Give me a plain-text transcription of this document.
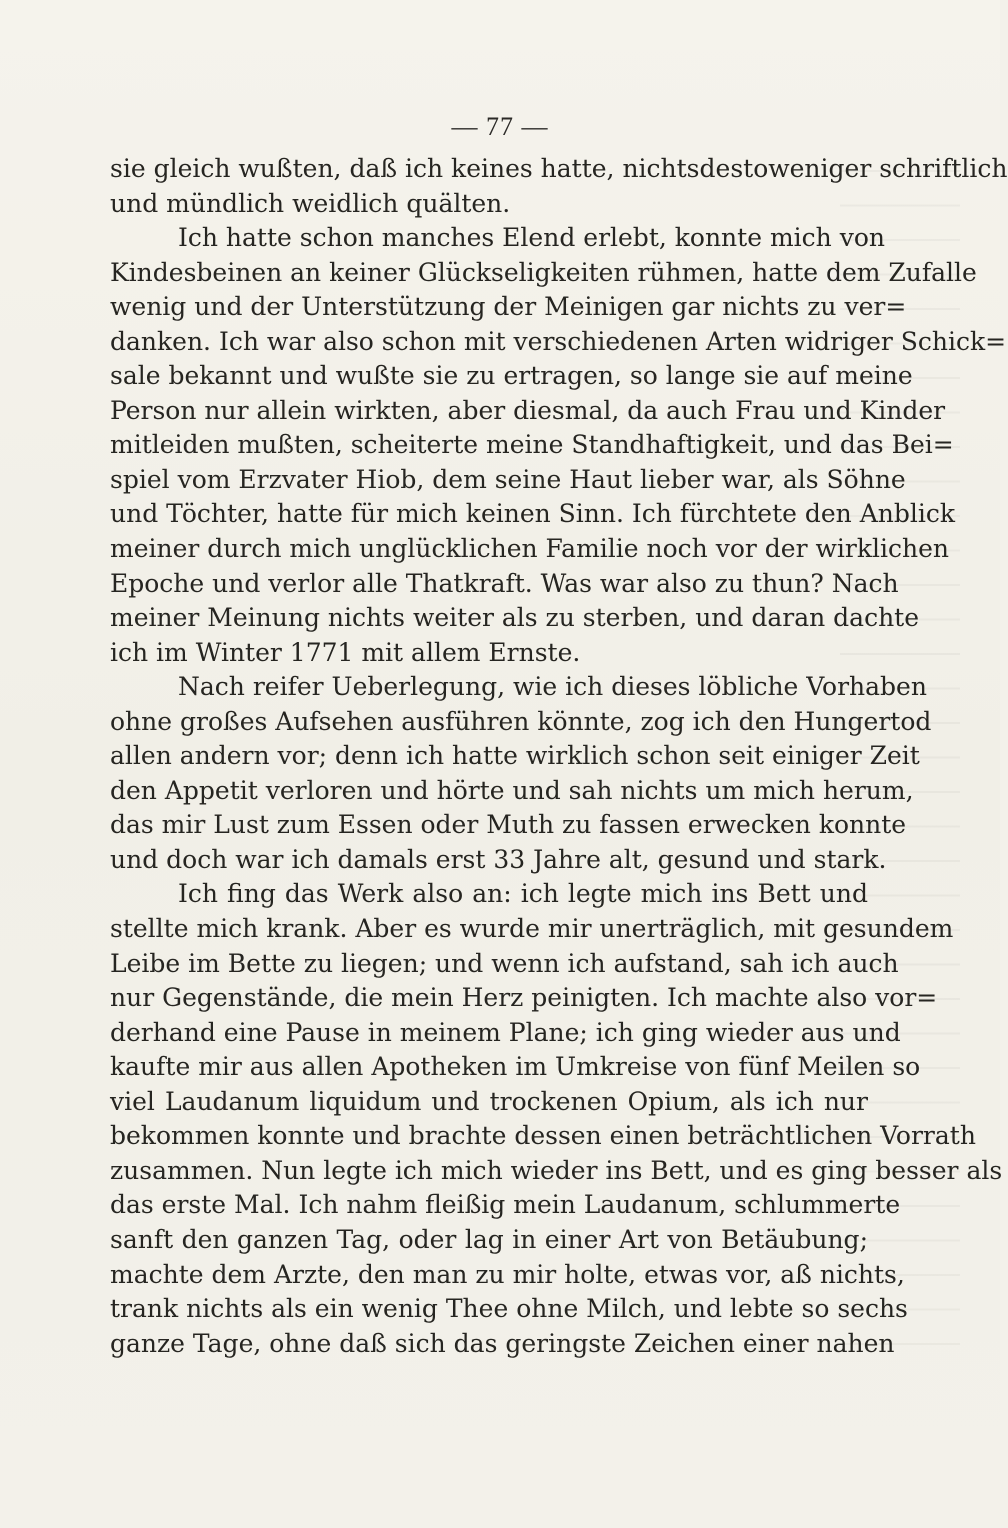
— 77 —
sie gleich wußten, daß ich keines hatte, nichtsdestoweniger schriftlich
und mündlich weidlich quälten.
Ich hatte schon manches Elend erlebt, konnte mich von
Kindesbeinen an keiner Glückseligkeiten rühmen, hatte dem Zufalle
wenig und der Unterstützung der Meinigen gar nichts zu ver=
danken. Ich war also schon mit verschiedenen Arten widriger Schick=
sale bekannt und wußte sie zu ertragen, so lange sie auf meine
Person nur allein wirkten, aber diesmal, da auch Frau und Kinder
mitleiden mußten, scheiterte meine Standhaftigkeit, und das Bei=
spiel vom Erzvater Hiob, dem seine Haut lieber war, als Söhne
und Töchter, hatte für mich keinen Sinn. Ich fürchtete den Anblick
meiner durch mich unglücklichen Familie noch vor der wirklichen
Epoche und verlor alle Thatkraft. Was war also zu thun? Nach
meiner Meinung nichts weiter als zu sterben, und daran dachte
ich im Winter 1771 mit allem Ernste.
Nach reifer Ueberlegung, wie ich dieses löbliche Vorhaben
ohne großes Aufsehen ausführen könnte, zog ich den Hungertod
allen andern vor; denn ich hatte wirklich schon seit einiger Zeit
den Appetit verloren und hörte und sah nichts um mich herum,
das mir Lust zum Essen oder Muth zu fassen erwecken konnte
und doch war ich damals erst 33 Jahre alt, gesund und stark.
Ich fing das Werk also an: ich legte mich ins Bett und
stellte mich krank. Aber es wurde mir unerträglich, mit gesundem
Leibe im Bette zu liegen; und wenn ich aufstand, sah ich auch
nur Gegenstände, die mein Herz peinigten. Ich machte also vor=
derhand eine Pause in meinem Plane; ich ging wieder aus und
kaufte mir aus allen Apotheken im Umkreise von fünf Meilen so
viel Laudanum liquidum und trockenen Opium, als ich nur
bekommen konnte und brachte dessen einen beträchtlichen Vorrath
zusammen. Nun legte ich mich wieder ins Bett, und es ging besser als
das erste Mal. Ich nahm fleißig mein Laudanum, schlummerte
sanft den ganzen Tag, oder lag in einer Art von Betäubung;
machte dem Arzte, den man zu mir holte, etwas vor, aß nichts,
trank nichts als ein wenig Thee ohne Milch, und lebte so sechs
ganze Tage, ohne daß sich das geringste Zeichen einer nahen
